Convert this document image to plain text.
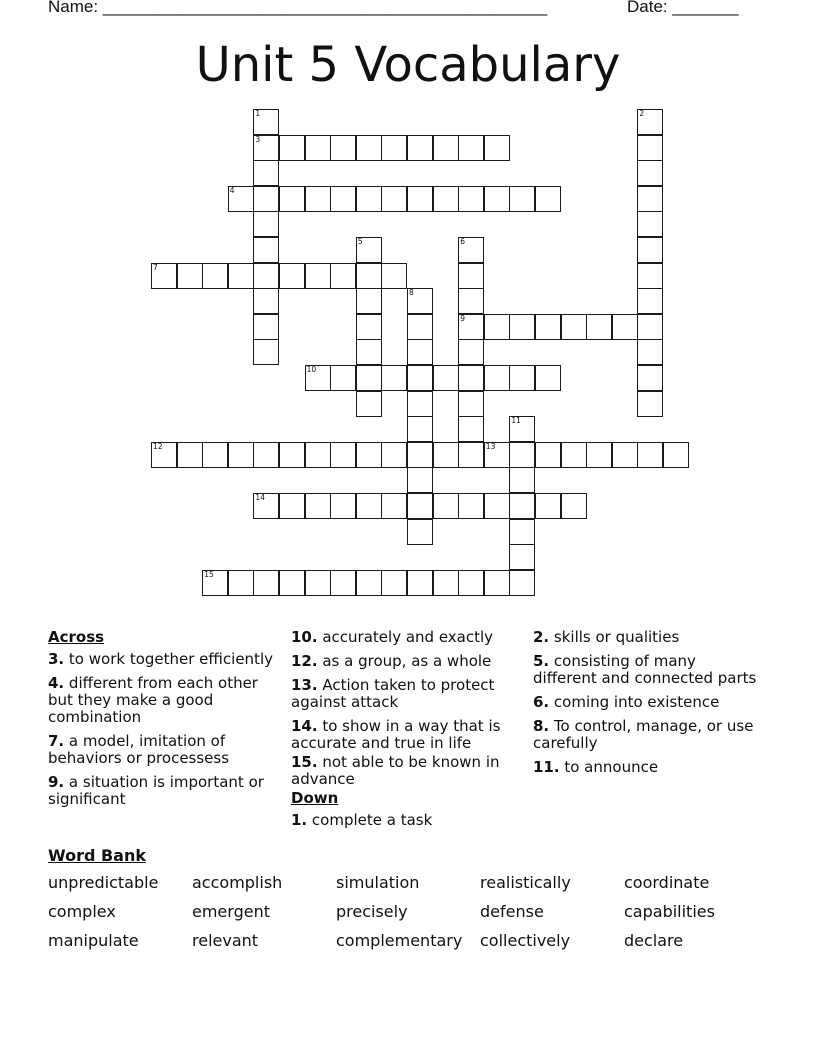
Name: _______________________________________________	Date: _______
Unit 5 Vocabulary
3
4
7
9
10
12	13
14
15
1	2
5	6
8
11
Across
3. to work together efficiently
4. different from each other but they make a good combination
7. a model, imitation of behaviors or processess
9. a situation is important or significant
10. accurately and exactly
12. as a group, as a whole
13. Action taken to protect against attack
14. to show in a way that is accurate and true in life
15. not able to be known in advance
Down
1. complete a task
2. skills or qualities
5. consisting of many different and connected parts
6. coming into existence
8. To control, manage, or use carefully
11. to announce
Word Bank
unpredictable	accomplish	simulation	realistically	coordinate
complex	emergent	precisely	defense	capabilities
manipulate	relevant	complementary	collectively	declare
